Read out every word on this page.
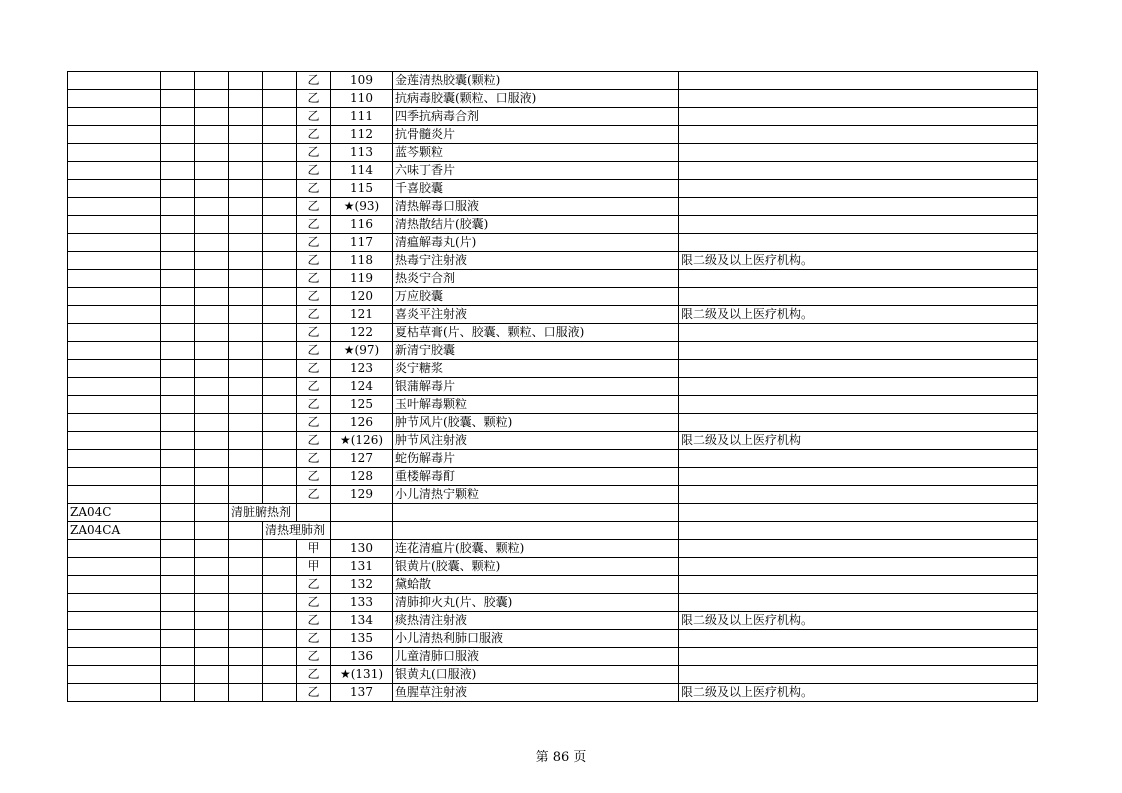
					乙	109	金莲清热胶囊(颗粒)	
					乙	110	抗病毒胶囊(颗粒、口服液)	
					乙	111	四季抗病毒合剂	
					乙	112	抗骨髓炎片	
					乙	113	蓝芩颗粒	
					乙	114	六味丁香片	
					乙	115	千喜胶囊	
					乙	★(93)	清热解毒口服液	
					乙	116	清热散结片(胶囊)	
					乙	117	清瘟解毒丸(片)	
					乙	118	热毒宁注射液	限二级及以上医疗机构。
					乙	119	热炎宁合剂	
					乙	120	万应胶囊	
					乙	121	喜炎平注射液	限二级及以上医疗机构。
					乙	122	夏枯草膏(片、胶囊、颗粒、口服液)	
					乙	★(97)	新清宁胶囊	
					乙	123	炎宁糖浆	
					乙	124	银蒲解毒片	
					乙	125	玉叶解毒颗粒	
					乙	126	肿节风片(胶囊、颗粒)	
					乙	★(126)	肿节风注射液	限二级及以上医疗机构
					乙	127	蛇伤解毒片	
					乙	128	重楼解毒酊	
					乙	129	小儿清热宁颗粒	
ZA04C			清脏腑热剂					
ZA04CA				清热理肺剂				
					甲	130	连花清瘟片(胶囊、颗粒)	
					甲	131	银黄片(胶囊、颗粒)	
					乙	132	黛蛤散	
					乙	133	清肺抑火丸(片、胶囊)	
					乙	134	痰热清注射液	限二级及以上医疗机构。
					乙	135	小儿清热利肺口服液	
					乙	136	儿童清肺口服液	
					乙	★(131)	银黄丸(口服液)	
					乙	137	鱼腥草注射液	限二级及以上医疗机构。
第 86 页
